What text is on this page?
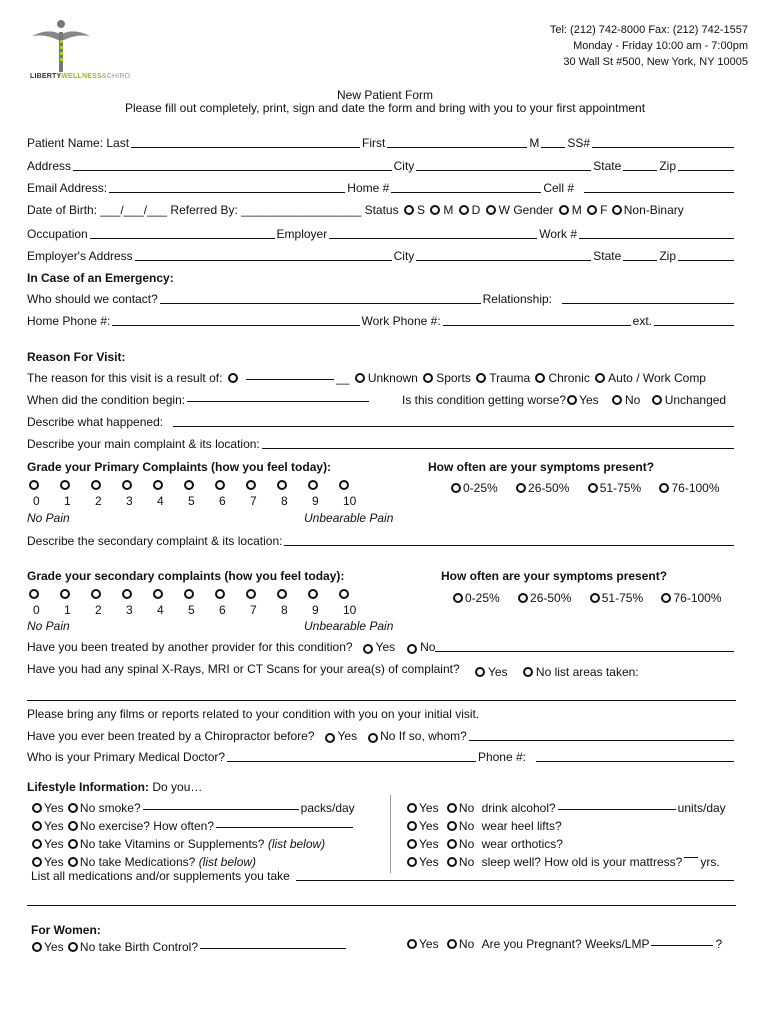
LIBERTYWELLNESS&CHIRO
Tel: (212) 742-8000 Fax: (212) 742-1557
Monday - Friday 10:00 am - 7:00pm
30 Wall St #500, New York, NY 10005
New Patient Form
Please fill out completely, print, sign and date the form and bring with you to your first appointment
Patient Name: Last	First	M SS#
Address	City	State	Zip
Email Address:	Home #	Cell #
Date of Birth: ___/___/___ Referred By: __________________ Status S M D W Gender M F Non-Binary
Occupation	Employer	Work #
Employer's Address	City	State	Zip
In Case of an Emergency:
Who should we contact?	Relationship:
Home Phone #:	Work Phone #:	ext.
Reason For Visit:
The reason for this visit is a result of:	__ Unknown Sports Trauma Chronic Auto / Work Comp
When did the condition begin:	Is this condition getting worse? Yes No Unchanged
Describe what happened:
Describe your main complaint & its location:
Grade your Primary Complaints (how you feel today):	How often are your symptoms present?
0	1	2	3	4	5	6	7	8	9	10
No Pain	Unbearable Pain
0-25%	26-50%	51-75%	76-100%
Describe the secondary complaint & its location:
Grade your secondary complaints (how you feel today):	How often are your symptoms present?
0	1	2	3	4	5	6	7	8	9	10
No Pain	Unbearable Pain
0-25%	26-50%	51-75%	76-100%
Have you been treated by another provider for this condition? Yes No
Have you had any spinal X-Rays, MRI or CT Scans for your area(s) of complaint? Yes No list areas taken:
Please bring any films or reports related to your condition with you on your initial visit.
Have you ever been treated by a Chiropractor before? Yes No If so, whom?
Who is your Primary Medical Doctor?	Phone #:
Lifestyle Information: Do you…
Yes No smoke?	packs/day
Yes No exercise? How often?
Yes No take Vitamins or Supplements? (list below)
Yes No take Medications? (list below)
List all medications and/or supplements you take
Yes No drink alcohol?	units/day
Yes No wear heel lifts?
Yes No wear orthotics?
Yes No sleep well? How old is your mattress? yrs.
For Women:
Yes No take Birth Control?	Yes No Are you Pregnant? Weeks/LMP	?
